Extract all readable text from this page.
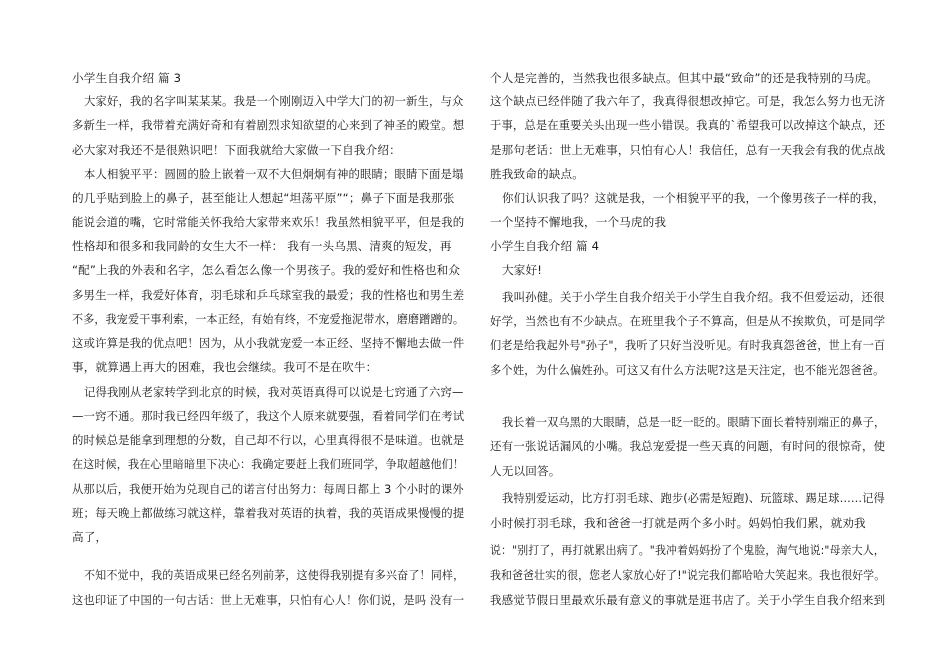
小学生自我介绍 篇 3
大家好，我的名字叫某某某。我是一个刚刚迈入中学大门的初一新生，与众
多新生一样，我带着充满好奇和有着剧烈求知欲望的心来到了神圣的殿堂。想
必大家对我还不是很熟识吧！下面我就给大家做一下自我介绍：
本人相貌平平：圆圆的脸上嵌着一双不大但炯炯有神的眼睛；眼睛下面是塌
的几乎贴到脸上的鼻子，甚至能让人想起“坦荡平原”“；鼻子下面是我那张
能说会道的嘴，它时常能关怀我给大家带来欢乐！我虽然相貌平平，但是我的
性格却和很多和我同龄的女生大不一样： 我有一头乌黑、清爽的短发，再
“配”上我的外表和名字，怎么看怎么像一个男孩子。我的爱好和性格也和众
多男生一样，我爱好体育，羽毛球和乒乓球室我的最爱；我的性格也和男生差
不多，我宠爱干事利索，一本正经，有始有终，不宠爱拖泥带水，磨磨蹭蹭的。
这或许算是我的优点吧！因为，从小我就宠爱一本正经、坚持不懈地去做一件
事，就算遇上再大的困难，我也会继续。我可不是在吹牛：
记得我刚从老家转学到北京的时候，我对英语真得可以说是七窍通了六窍—
—一窍不通。那时我已经四年级了，我这个人原来就要强，看着同学们在考试
的时候总是能拿到理想的分数，自己却不行以，心里真得很不是味道。也就是
在这时候，我在心里暗暗里下决心：我确定要赶上我们班同学，争取超越他们！
从那以后，我便开始为兑现自己的诺言付出努力：每周日都上 3 个小时的课外
班；每天晚上都做练习就这样，靠着我对英语的执着，我的英语成果慢慢的提
高了，
不知不觉中，我的英语成果已经名列前茅，这使得我别提有多兴奋了！同样，
这也印证了中国的一句古话：世上无难事，只怕有心人！你们说，是吗 没有一
个人是完善的，当然我也很多缺点。但其中最“致命”的还是我特别的马虎。
这个缺点已经伴随了我六年了，我真得很想改掉它。可是，我怎么努力也无济
于事，总是在重要关头出现一些小错误。我真的`希望我可以改掉这个缺点，还
是那句老话：世上无难事，只怕有心人！我信任，总有一天我会有我的优点战
胜我致命的缺点。
你们认识我了吗？这就是我，一个相貌平平的我，一个像男孩子一样的我，
一个坚持不懈地我，一个马虎的我
小学生自我介绍 篇 4
大家好!
我叫孙健。关于小学生自我介绍关于小学生自我介绍。我不但爱运动，还很
好学，当然也有不少缺点。在班里我个子不算高，但是从不挨欺负，可是同学
们老是给我起外号"孙子"，我听了只好当没听见。有时我真怨爸爸，世上有一百
多个姓，为什么偏姓孙。可这又有什么方法呢?这是天注定，也不能光怨爸爸。
我长着一双乌黑的大眼睛，总是一眨一眨的。眼睛下面长着特别端正的鼻子，
还有一张说话漏风的小嘴。我总宠爱提一些天真的问题，有时问的很惊奇，使
人无以回答。
我特别爱运动，比方打羽毛球、跑步(必需是短跑)、玩篮球、踢足球……记得
小时候打羽毛球，我和爸爸一打就是两个多小时。妈妈怕我们累，就劝我
说："别打了，再打就累出病了。"我冲着妈妈扮了个鬼脸，淘气地说:"母亲大人，
我和爸爸壮实的很，您老人家放心好了!"说完我们都哈哈大笑起来。我也很好学。
我感觉节假日里最欢乐最有意义的事就是逛书店了。关于小学生自我介绍来到
